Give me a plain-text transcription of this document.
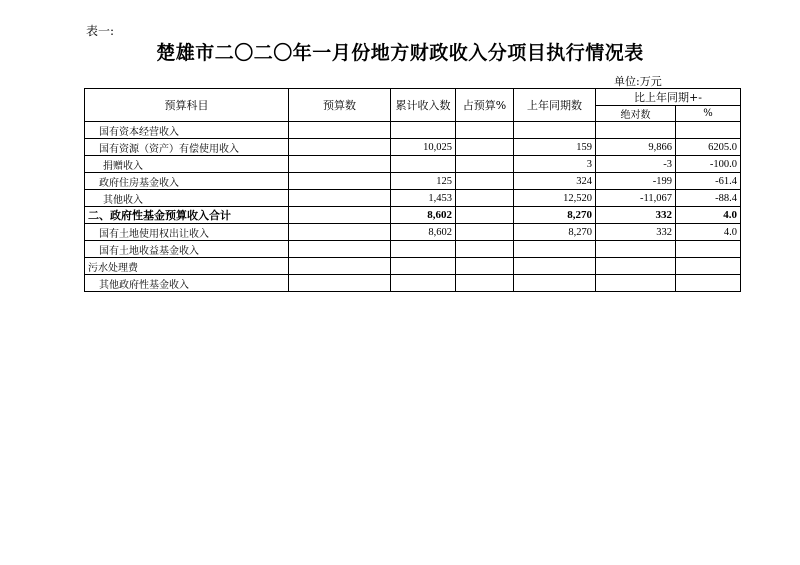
表一:
楚雄市二〇二〇年一月份地方财政收入分项目执行情况表
单位:万元
预算科目	预算数	累计收入数	占预算%	上年同期数	比上年同期+-	
					绝对数	%
国有资本经营收入						
国有资源（资产）有偿使用收入		10,025		159	9,866	6205.0
捐赠收入				3	-3	-100.0
政府住房基金收入		125		324	-199	-61.4
其他收入		1,453		12,520	-11,067	-88.4
二、政府性基金预算收入合计		8,602		8,270	332	4.0
国有土地使用权出让收入		8,602		8,270	332	4.0
国有土地收益基金收入						
污水处理费						
其他政府性基金收入						
